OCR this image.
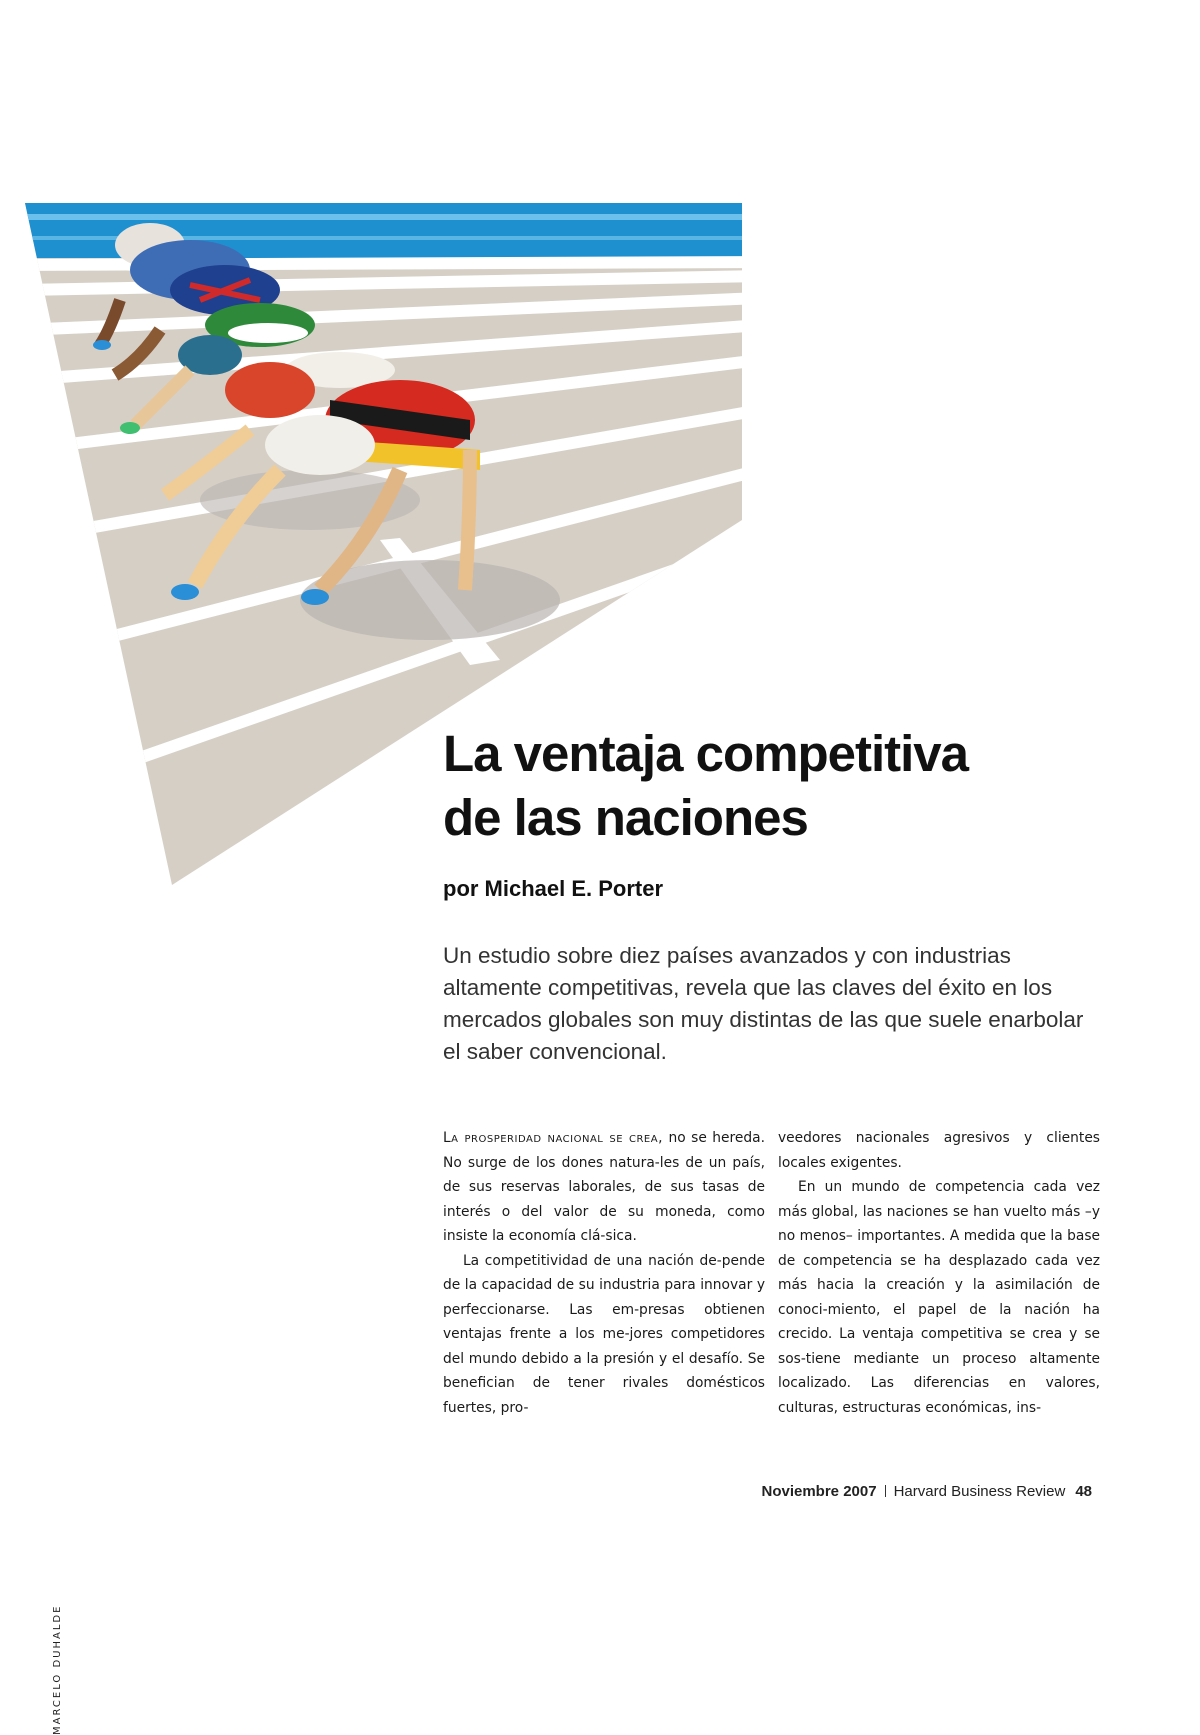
MARCELO DUHALDE
La ventaja competitiva
de las naciones

por Michael E. Porter

Un estudio sobre diez países avanzados y con industrias altamente competitivas, revela que las claves del éxito en los mercados globales son muy distintas de las que suele enarbolar el saber convencional.

La prosperidad nacional se crea, no se hereda. No surge de los dones natura-les de un país, de sus reservas laborales, de sus tasas de interés o del valor de su moneda, como insiste la economía clá-sica.

La competitividad de una nación de-pende de la capacidad de su industria para innovar y perfeccionarse. Las em-presas obtienen ventajas frente a los me-jores competidores del mundo debido a la presión y el desafío. Se benefician de tener rivales domésticos fuertes, pro-

veedores nacionales agresivos y clientes locales exigentes.

En un mundo de competencia cada vez más global, las naciones se han vuelto más –y no menos– importantes. A medida que la base de competencia se ha desplazado cada vez más hacia la creación y la asimilación de conoci-miento, el papel de la nación ha crecido. La ventaja competitiva se crea y se sos-tiene mediante un proceso altamente localizado. Las diferencias en valores, culturas, estructuras económicas, ins-

Noviembre 2007 Harvard Business Review 48
